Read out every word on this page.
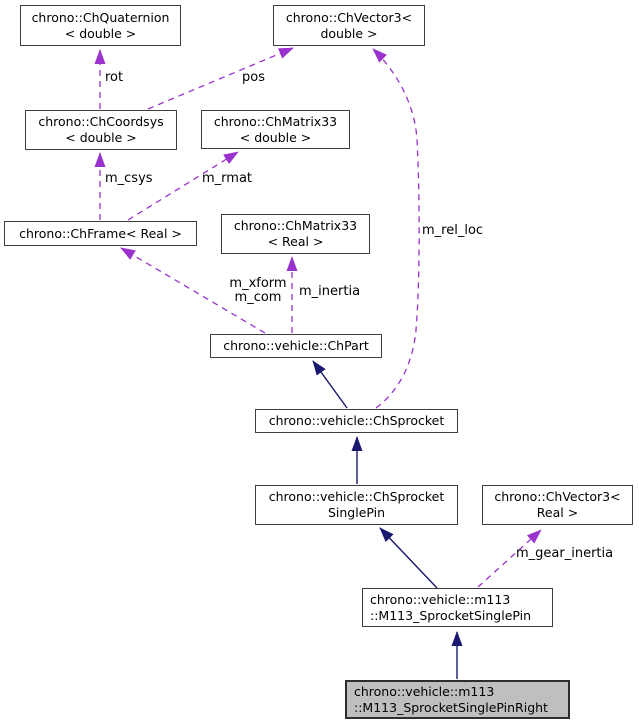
chrono::ChQuaternion
< double >
chrono::ChVector3<
double >
chrono::ChCoordsys
< double >
chrono::ChMatrix33
< double >
chrono::ChFrame< Real >	chrono::ChMatrix33
< Real >
chrono::vehicle::ChPart
chrono::vehicle::ChSprocket
chrono::vehicle::ChSprocket
SinglePin
chrono::ChVector3<
Real >
chrono::vehicle::m113
::M113_SprocketSinglePin
chrono::vehicle::m113
::M113_SprocketSinglePinRight
rot	pos
m_csys	m_rmat
m_xform
m_com	m_inertia
m_rel_loc
m_gear_inertia
